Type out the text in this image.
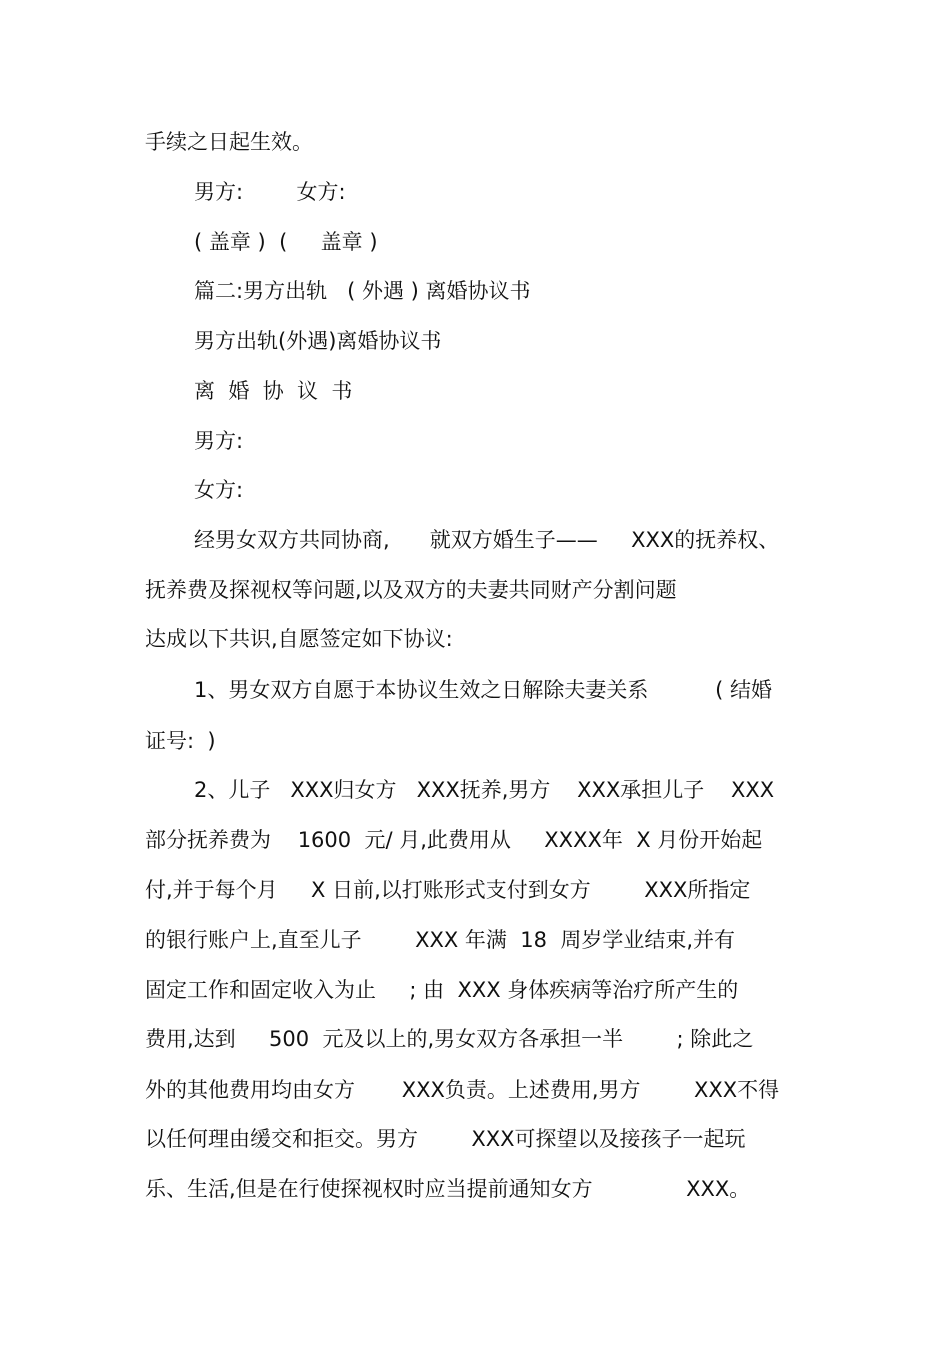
手续之日起生效。
男方:        女方:
( 盖章 )  (     盖章 )
篇二:男方出轨   ( 外遇 ) 离婚协议书
男方出轨(外遇)离婚协议书
离  婚  协  议  书
男方:
女方:
经男女双方共同协商,      就双方婚生子——     XXX的抚养权、
抚养费及探视权等问题,以及双方的夫妻共同财产分割问题
达成以下共识,自愿签定如下协议:
1、男女双方自愿于本协议生效之日解除夫妻关系          ( 结婚
证号:  )
2、儿子   XXX归女方   XXX抚养,男方    XXX承担儿子    XXX
部分抚养费为    1600  元/ 月,此费用从     XXXX年  X 月份开始起
付,并于每个月     X 日前,以打账形式支付到女方        XXX所指定
的银行账户上,直至儿子        XXX 年满  18  周岁学业结束,并有
固定工作和固定收入为止     ; 由  XXX 身体疾病等治疗所产生的
费用,达到     500  元及以上的,男女双方各承担一半        ; 除此之
外的其他费用均由女方       XXX负责。上述费用,男方        XXX不得
以任何理由缓交和拒交。男方        XXX可探望以及接孩子一起玩
乐、生活,但是在行使探视权时应当提前通知女方              XXX。
